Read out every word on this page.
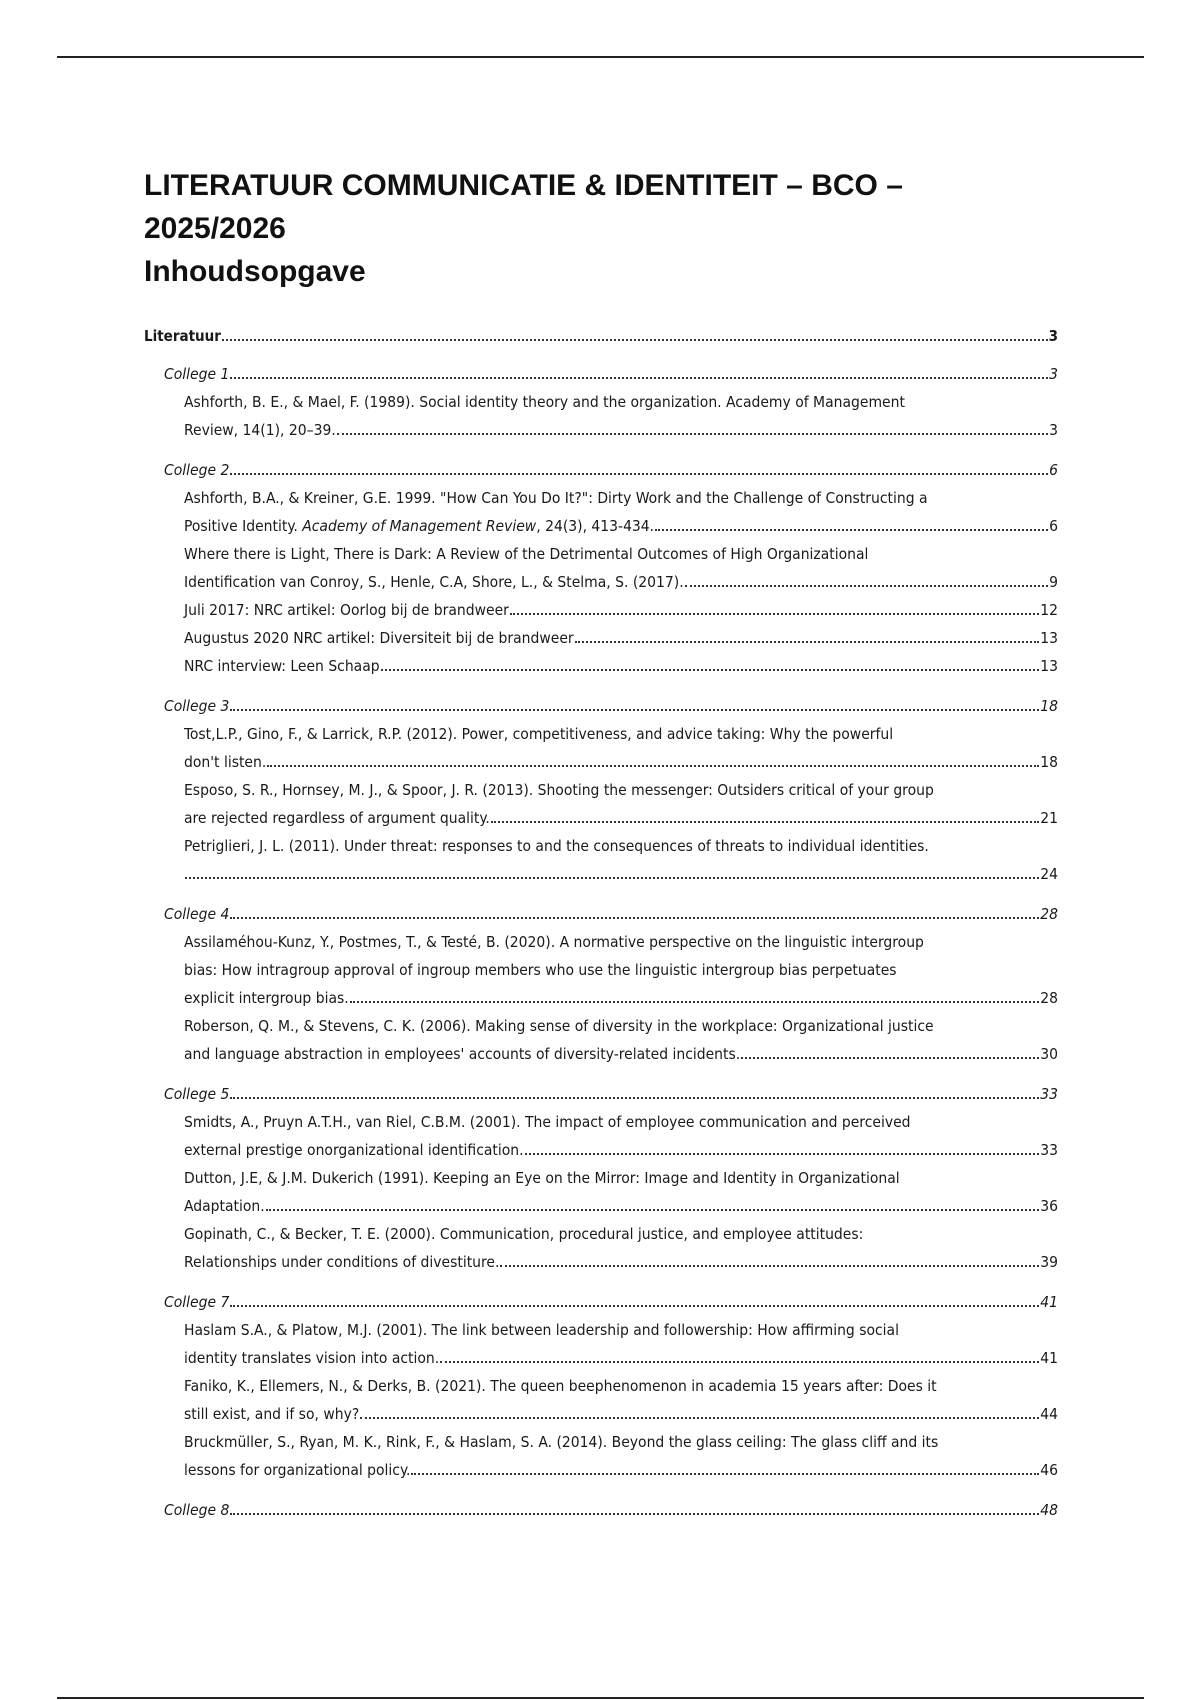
LITERATUUR COMMUNICATIE & IDENTITEIT – BCO –
2025/2026
Inhoudsopgave
Literatuur	3
College 1	3
Ashforth, B. E., & Mael, F. (1989). Social identity theory and the organization. Academy of Management
Review, 14(1), 20–39.	3
College 2	6
Ashforth, B.A., & Kreiner, G.E. 1999. "How Can You Do It?": Dirty Work and the Challenge of Constructing a
Positive Identity. Academy of Management Review, 24(3), 413-434.	6
Where there is Light, There is Dark: A Review of the Detrimental Outcomes of High Organizational
Identification van Conroy, S., Henle, C.A, Shore, L., & Stelma, S. (2017).	9
Juli 2017: NRC artikel: Oorlog bij de brandweer	12
Augustus 2020 NRC artikel: Diversiteit bij de brandweer	13
NRC interview: Leen Schaap	13
College 3	18
Tost,L.P., Gino, F., & Larrick, R.P. (2012). Power, competitiveness, and advice taking: Why the powerful
don't listen.	18
Esposo, S. R., Hornsey, M. J., & Spoor, J. R. (2013). Shooting the messenger: Outsiders critical of your group
are rejected regardless of argument quality.	21
Petriglieri, J. L. (2011). Under threat: responses to and the consequences of threats to individual identities.
24
College 4	28
Assilaméhou-Kunz, Y., Postmes, T., & Testé, B. (2020). A normative perspective on the linguistic intergroup
bias: How intragroup approval of ingroup members who use the linguistic intergroup bias perpetuates
explicit intergroup bias.	28
Roberson, Q. M., & Stevens, C. K. (2006). Making sense of diversity in the workplace: Organizational justice
and language abstraction in employees' accounts of diversity-related incidents.	30
College 5	33
Smidts, A., Pruyn A.T.H., van Riel, C.B.M. (2001). The impact of employee communication and perceived
external prestige onorganizational identification.	33
Dutton, J.E, & J.M. Dukerich (1991). Keeping an Eye on the Mirror: Image and Identity in Organizational
Adaptation.	36
Gopinath, C., & Becker, T. E. (2000). Communication, procedural justice, and employee attitudes:
Relationships under conditions of divestiture.	39
College 7	41
Haslam S.A., & Platow, M.J. (2001). The link between leadership and followership: How affirming social
identity translates vision into action.	41
Faniko, K., Ellemers, N., & Derks, B. (2021). The queen beephenomenon in academia 15 years after: Does it
still exist, and if so, why?	44
Bruckmüller, S., Ryan, M. K., Rink, F., & Haslam, S. A. (2014). Beyond the glass ceiling: The glass cliff and its
lessons for organizational policy.	46
College 8	48
